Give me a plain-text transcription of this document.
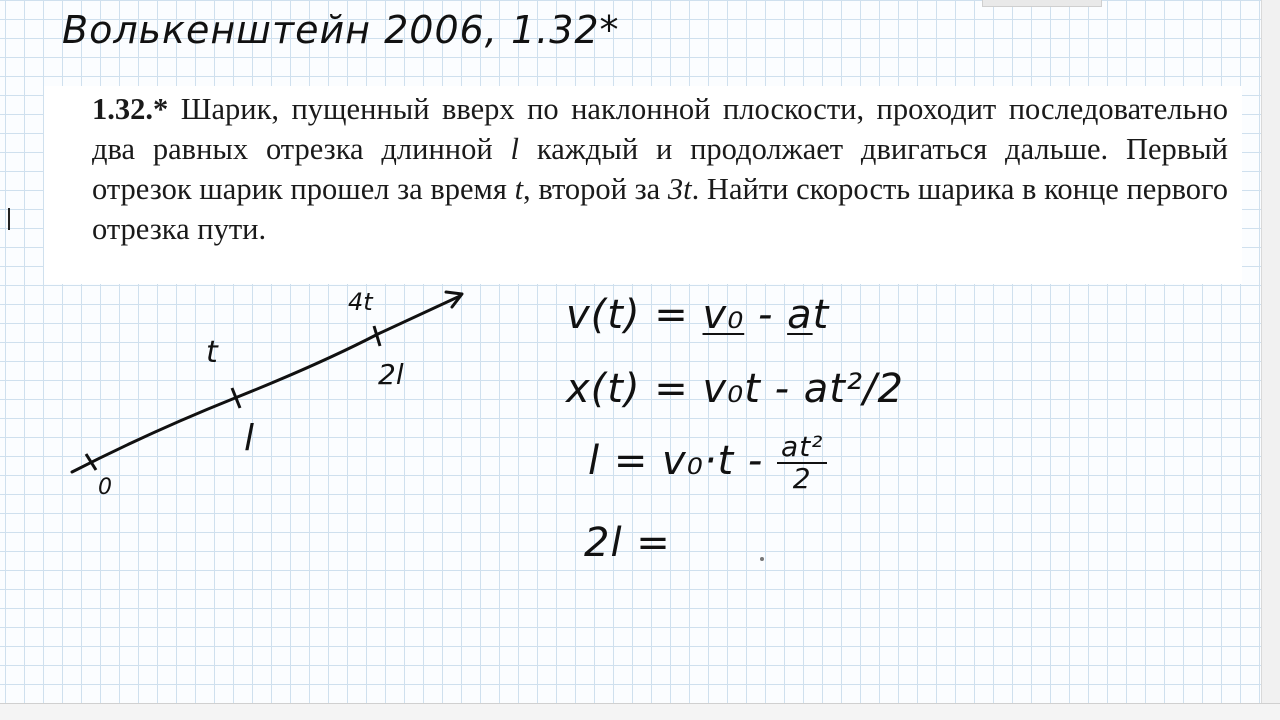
Волькенштейн 2006, 1.32*
1.32.* Шарик, пущенный вверх по наклонной плоскости, проходит последовательно два равных отрезка длинной l каждый и продолжает двигаться дальше. Первый отрезок шарик прошел за время t, второй за 3t. Найти скорость шарика в конце первого отрезка пути.
0
l
2l
t
4t	v(t) = v₀ - at
x(t) = v₀t - at²/2
$l = v_0\cdot t - \frac{\text{at²}}{2}$
2l =
